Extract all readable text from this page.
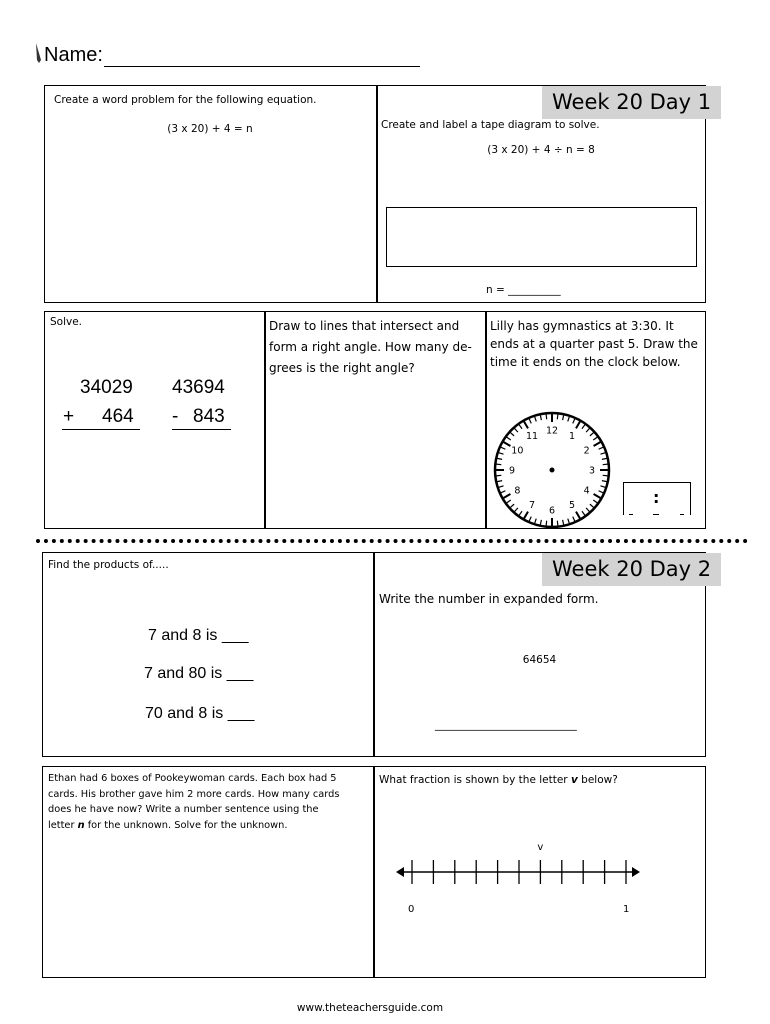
Name:
Week 20 Day 1
Create a word problem for the following equation.
(3 x 20) + 4 = n	Create and label a tape diagram to solve.
(3 x 20) + 4 ÷ n = 8
n = __________
Solve.
34029
+ 464
43694
- 843
Draw to lines that intersect and
form a right angle. How many de-
grees is the right angle?
Lilly has gymnastics at 3:30. It
ends at a quarter past 5. Draw the
time it ends on the clock below.
12 1
2
3
4
5
6
7
8
9
10
11
:
Week 20 Day 2
Find the products of.....
7 and 8 is ___
7 and 80 is ___
70 and 8 is ___
Write the number in expanded form.
64654
___________________________
Ethan had 6 boxes of Pookeywoman cards. Each box had 5
cards. His brother gave him 2 more cards. How many cards
does he have now? Write a number sentence using the
letter n for the unknown. Solve for the unknown.
What fraction is shown by the letter v below?
v
0	1
www.theteachersguide.com
